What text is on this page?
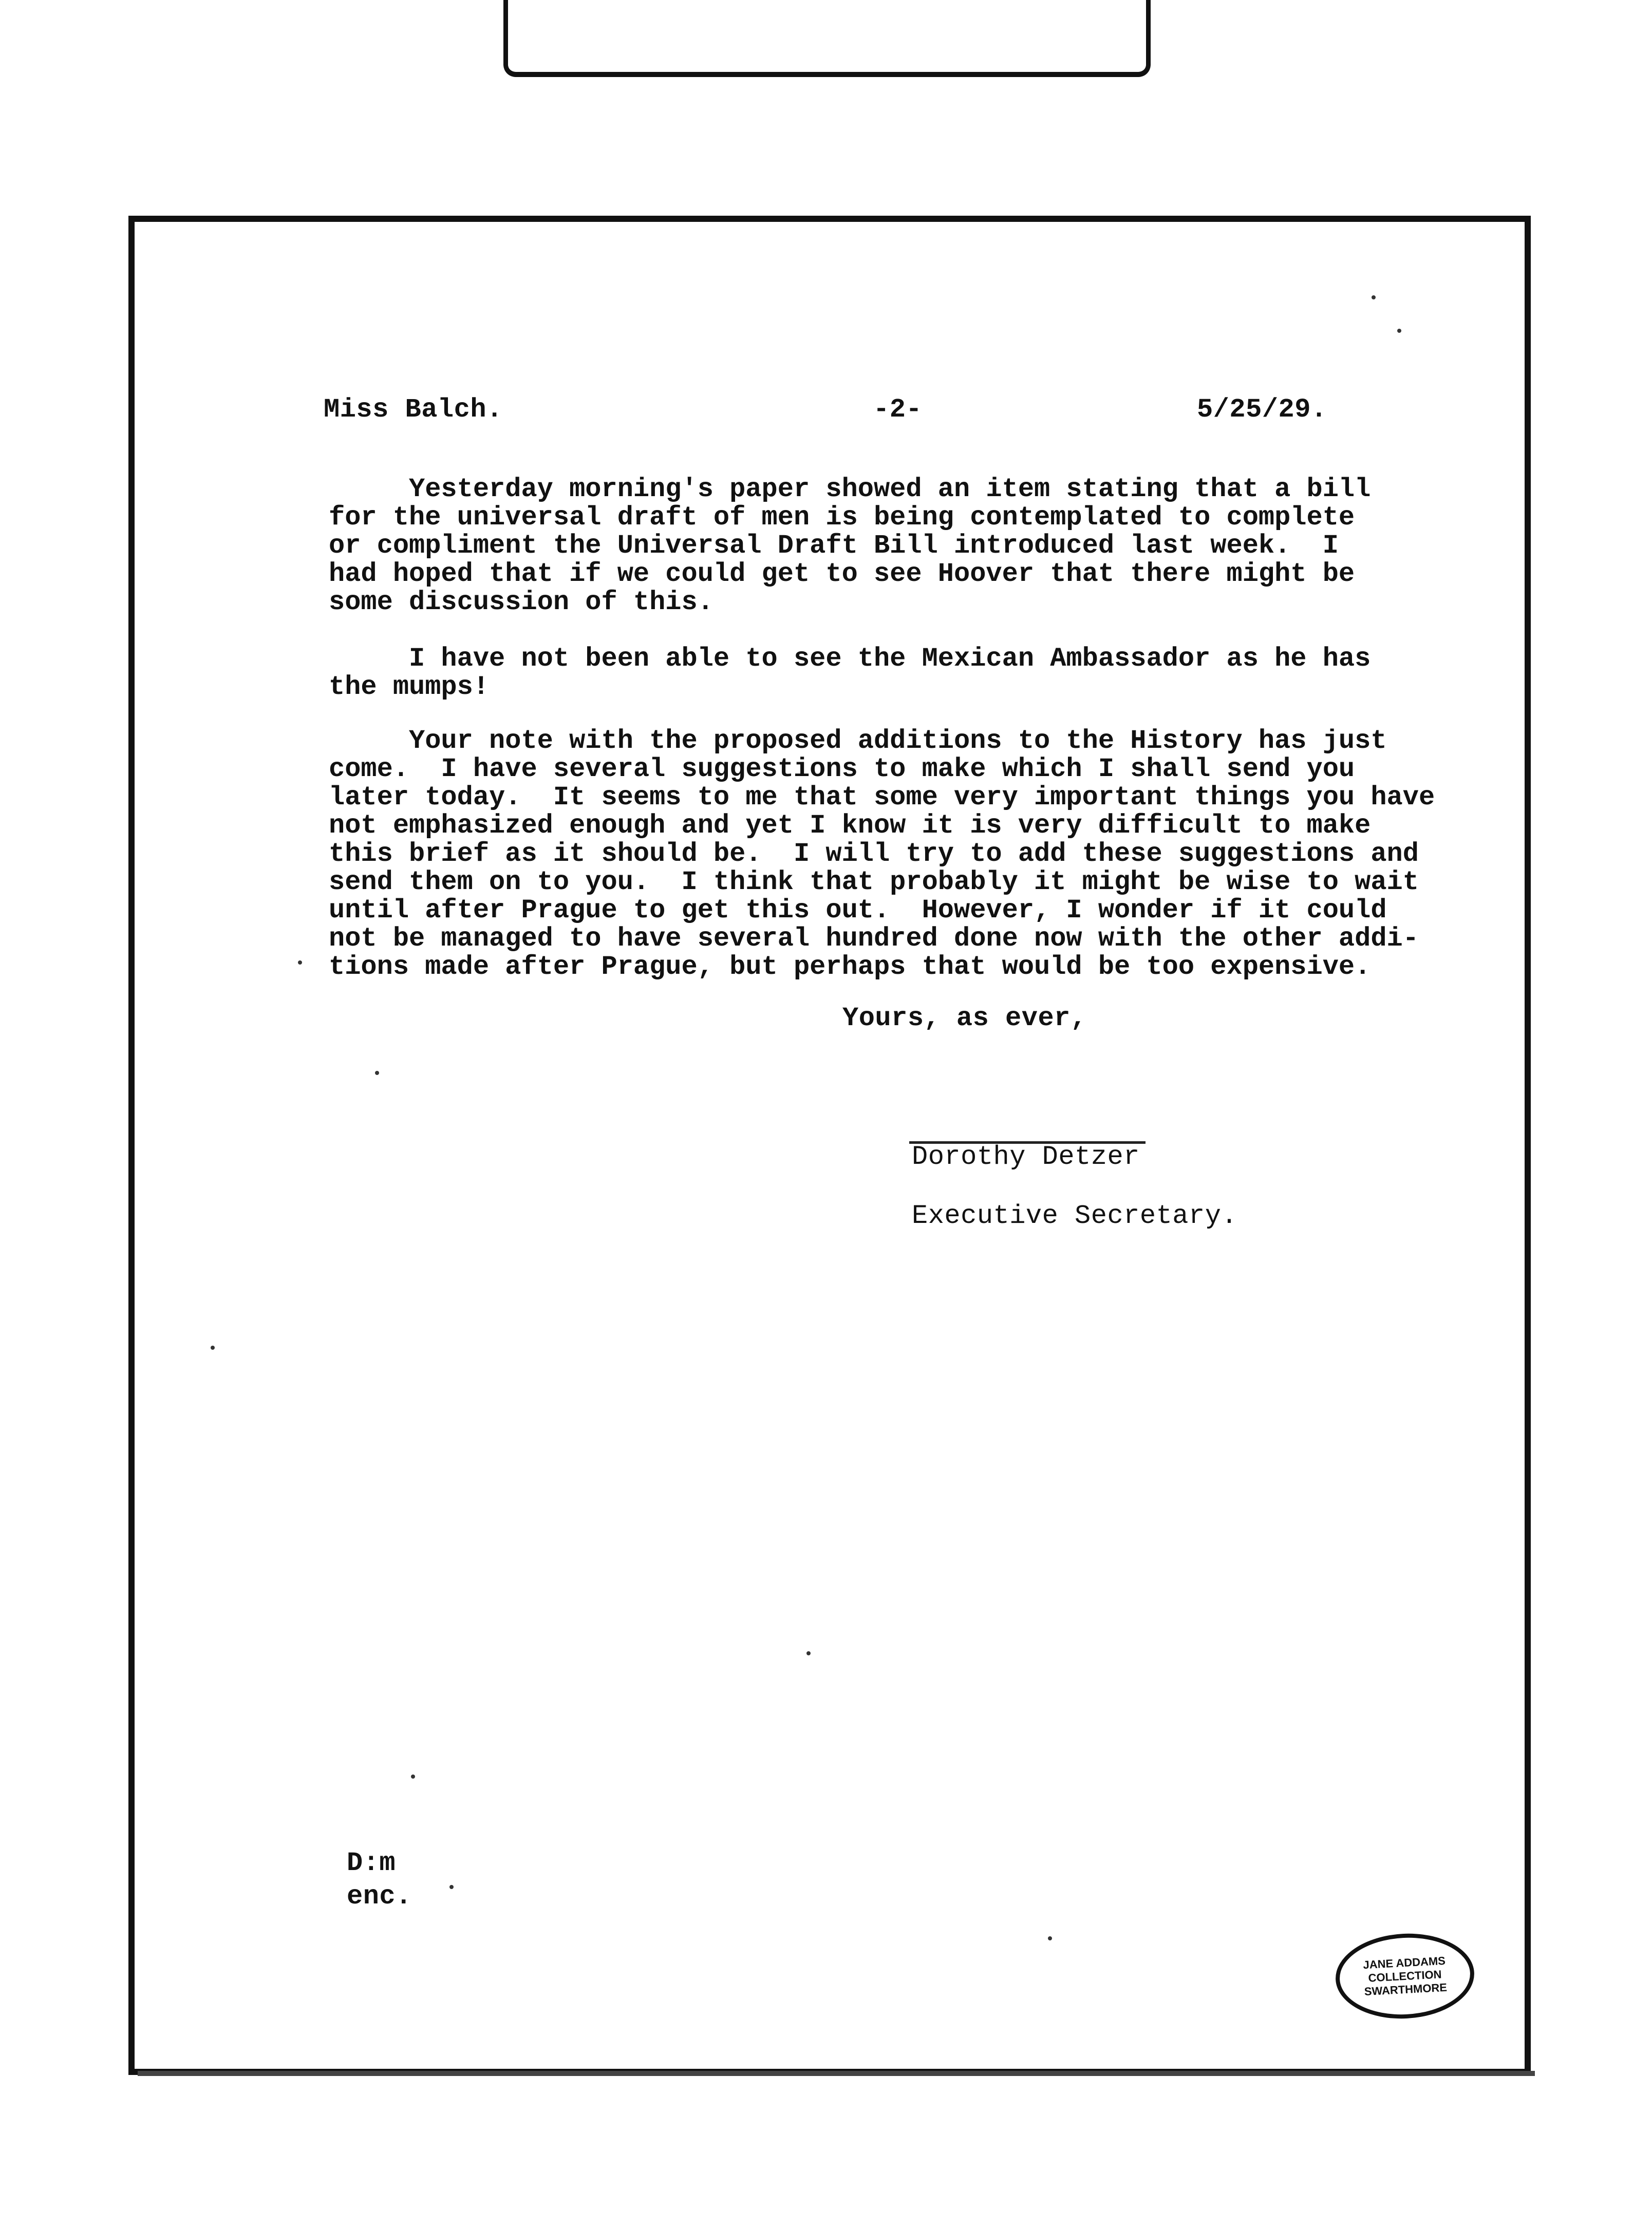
Miss Balch.	-2-	5/25/29.
Yesterday morning's paper showed an item stating that a bill
for the universal draft of men is being contemplated to complete
or compliment the Universal Draft Bill introduced last week.  I
had hoped that if we could get to see Hoover that there might be
some discussion of this.
I have not been able to see the Mexican Ambassador as he has
the mumps!
Your note with the proposed additions to the History has just
come.  I have several suggestions to make which I shall send you
later today.  It seems to me that some very important things you have
not emphasized enough and yet I know it is very difficult to make
this brief as it should be.  I will try to add these suggestions and
send them on to you.  I think that probably it might be wise to wait
until after Prague to get this out.  However, I wonder if it could
not be managed to have several hundred done now with the other addi-
tions made after Prague, but perhaps that would be too expensive.
Yours, as ever,
Dorothy Detzer
Executive Secretary.
D:m
enc.
JANE ADDAMS
COLLECTION
SWARTHMORE
